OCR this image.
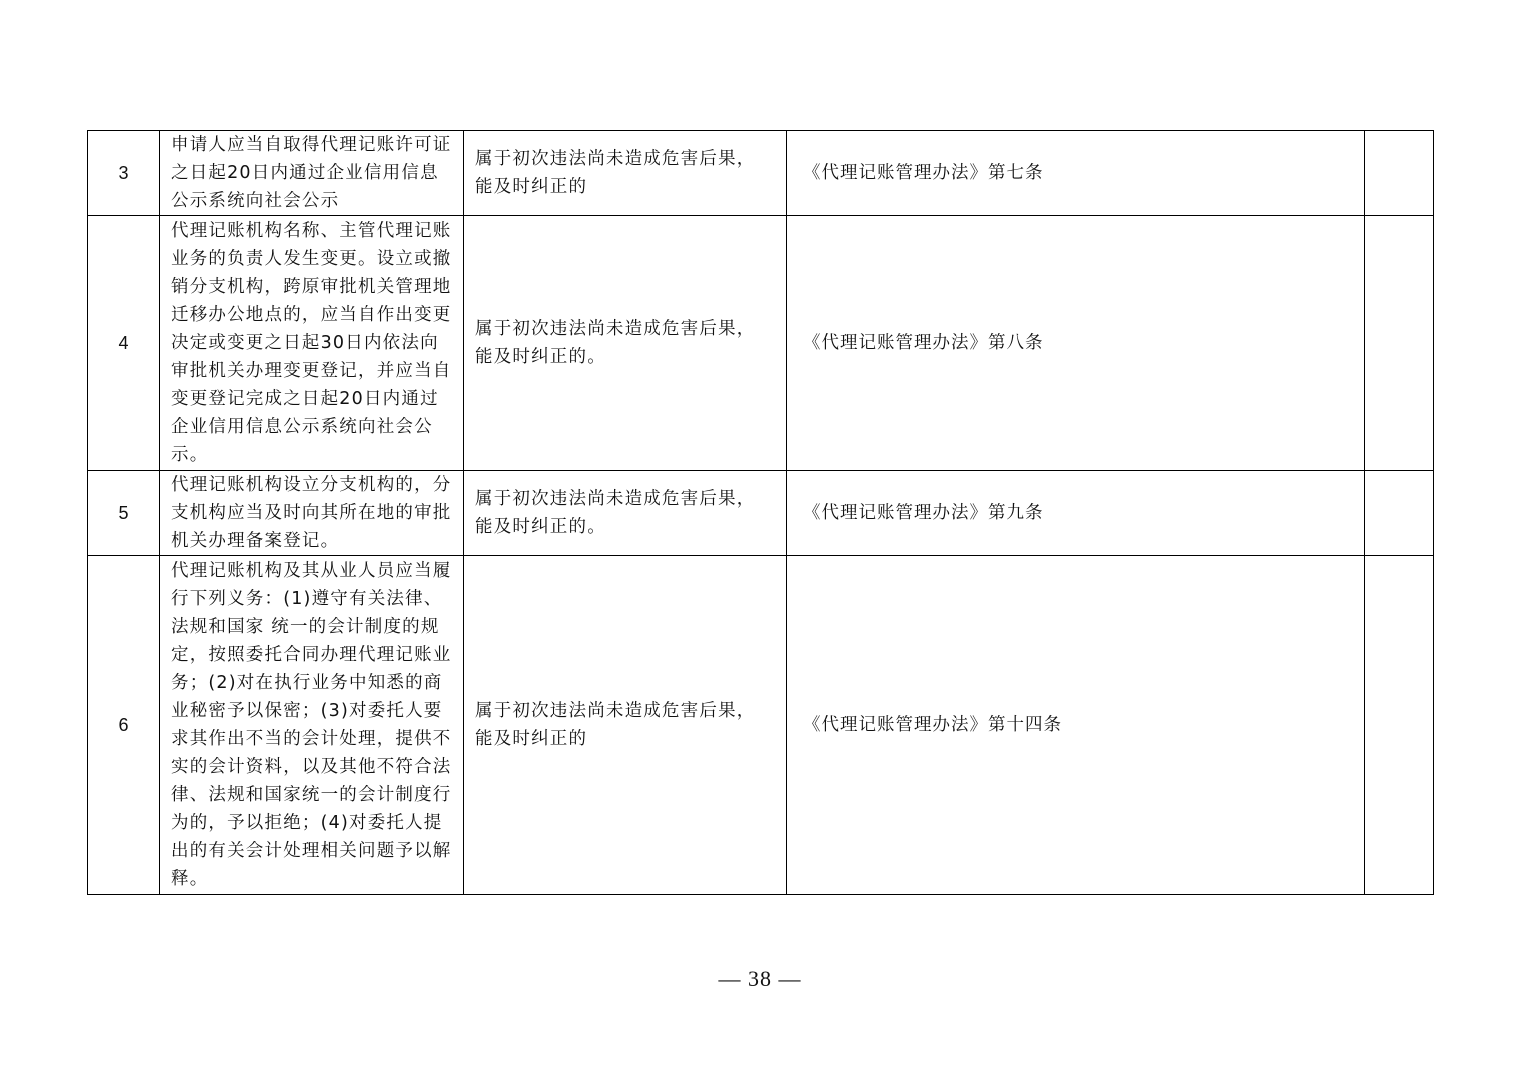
3	申请人应当自取得代理记账许可证之日起20日内通过企业信用信息公示系统向社会公示	属于初次违法尚未造成危害后果，能及时纠正的	《代理记账管理办法》第七条	
4	代理记账机构名称、主管代理记账业务的负责人发生变更。设立或撤销分支机构，跨原审批机关管理地迁移办公地点的，应当自作出变更决定或变更之日起30日内依法向审批机关办理变更登记，并应当自变更登记完成之日起20日内通过企业信用信息公示系统向社会公示。	属于初次违法尚未造成危害后果，能及时纠正的。	《代理记账管理办法》第八条	
5	代理记账机构设立分支机构的，分支机构应当及时向其所在地的审批机关办理备案登记。	属于初次违法尚未造成危害后果，能及时纠正的。	《代理记账管理办法》第九条	
6	代理记账机构及其从业人员应当履行下列义务：(1)遵守有关法律、法规和国家 统一的会计制度的规定，按照委托合同办理代理记账业务；(2)对在执行业务中知悉的商业秘密予以保密；(3)对委托人要求其作出不当的会计处理，提供不实的会计资料，以及其他不符合法律、法规和国家统一的会计制度行为的，予以拒绝；(4)对委托人提出的有关会计处理相关问题予以解释。	属于初次违法尚未造成危害后果，能及时纠正的	《代理记账管理办法》第十四条	
— 38 —
